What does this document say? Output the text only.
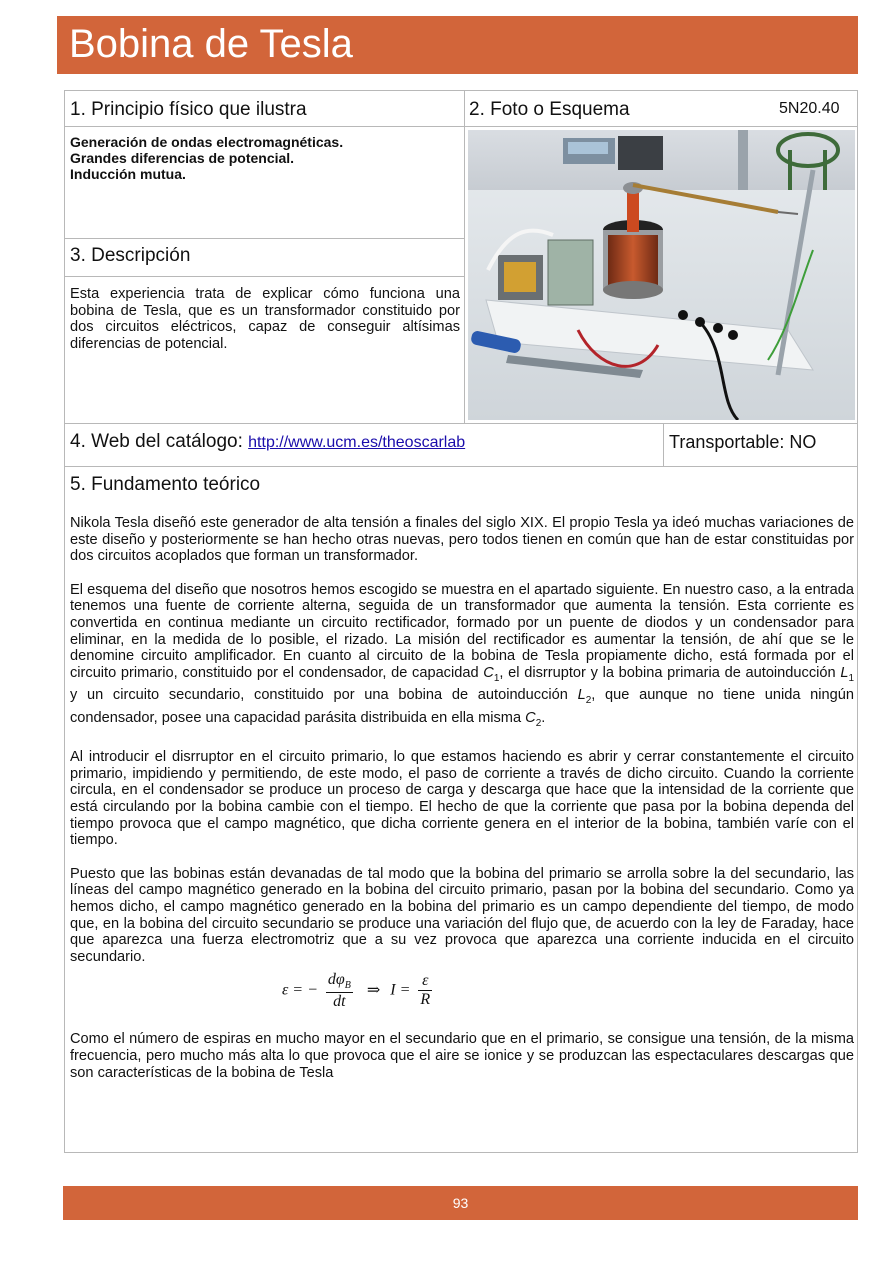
Bobina de Tesla
1. Principio físico que ilustra	2. Foto o Esquema	5N20.40
Generación de ondas electromagnéticas.
Grandes diferencias de potencial.
Inducción mutua.
3. Descripción
Esta experiencia trata de explicar cómo funciona una bobina de Tesla, que es un transformador constituido por dos circuitos eléctricos, capaz de conseguir altísimas diferencias de potencial.
4. Web del catálogo: http://www.ucm.es/theoscarlab	Transportable: NO
5. Fundamento teórico

Nikola Tesla diseñó este generador de alta tensión a finales del siglo XIX. El propio Tesla ya ideó muchas variaciones de este diseño y posteriormente se han hecho otras nuevas, pero todos tienen en común que han de estar constituidas por dos circuitos acoplados que forman un transformador.

El esquema del diseño que nosotros hemos escogido se muestra en el apartado siguiente. En nuestro caso, a la entrada tenemos una fuente de corriente alterna, seguida de un transformador que aumenta la tensión. Esta corriente es convertida en continua mediante un circuito rectificador, formado por un puente de diodos y un condensador para eliminar, en la medida de lo posible, el rizado. La misión del rectificador es aumentar la tensión, de ahí que se le denomine circuito amplificador. En cuanto al circuito de la bobina de Tesla propiamente dicho, está formada por el circuito primario, constituido por el condensador, de capacidad $C_1$, el disrruptor y la bobina primaria de autoinducción $L_1$ y un circuito secundario, constituido por una bobina de autoinducción $L_2$, que aunque no tiene unida ningún condensador, posee una capacidad parásita distribuida en ella misma $C_2$.

Al introducir el disrruptor en el circuito primario, lo que estamos haciendo es abrir y cerrar constantemente el circuito primario, impidiendo y permitiendo, de este modo, el paso de corriente a través de dicho circuito. Cuando la corriente circula, en el condensador se produce un proceso de carga y descarga que hace que la intensidad de la corriente que está circulando por la bobina cambie con el tiempo. El hecho de que la corriente que pasa por la bobina dependa del tiempo provoca que el campo magnético, que dicha corriente genera en el interior de la bobina, también varíe con el tiempo.

Puesto que las bobinas están devanadas de tal modo que la bobina del primario se arrolla sobre la del secundario, las líneas del campo magnético generado en la bobina del circuito primario, pasan por la bobina del secundario. Como ya hemos dicho, el campo magnético generado en la bobina del primario es un campo dependiente del tiempo, de modo que, en la bobina del circuito secundario se produce una variación del flujo que, de acuerdo con la ley de Faraday, hace que aparezca una fuerza electromotriz que a su vez provoca que aparezca una corriente inducida en el circuito secundario.

ε = − $\frac{d\varphi_B}{dt}$ ⇒ $I = \frac{\varepsilon}{R}$

Como el número de espiras en mucho mayor en el secundario que en el primario, se consigue una tensión, de la misma frecuencia, pero mucho más alta lo que provoca que el aire se ionice y se produzcan las espectaculares descargas que son características de la bobina de Tesla

93
